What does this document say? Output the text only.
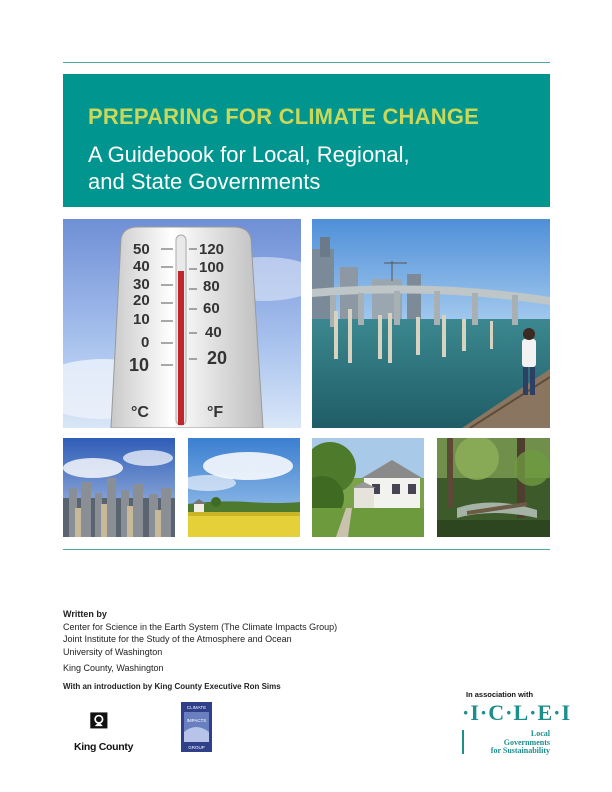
PREPARING FOR CLIMATE CHANGE
A Guidebook for Local, Regional,
and State Governments
50
40
30
20
10
0
10
120
100
80
60
40
20
°C	°F
Written by
Center for Science in the Earth System (The Climate Impacts Group)
Joint Institute for the Study of the Atmosphere and Ocean
University of Washington
King County, Washington
With an introduction by King County Executive Ron Sims
King County
CLIMATE
IMPACTS
GROUP
In association with
·I·C·L·E·I
Local
Governments
for Sustainability
